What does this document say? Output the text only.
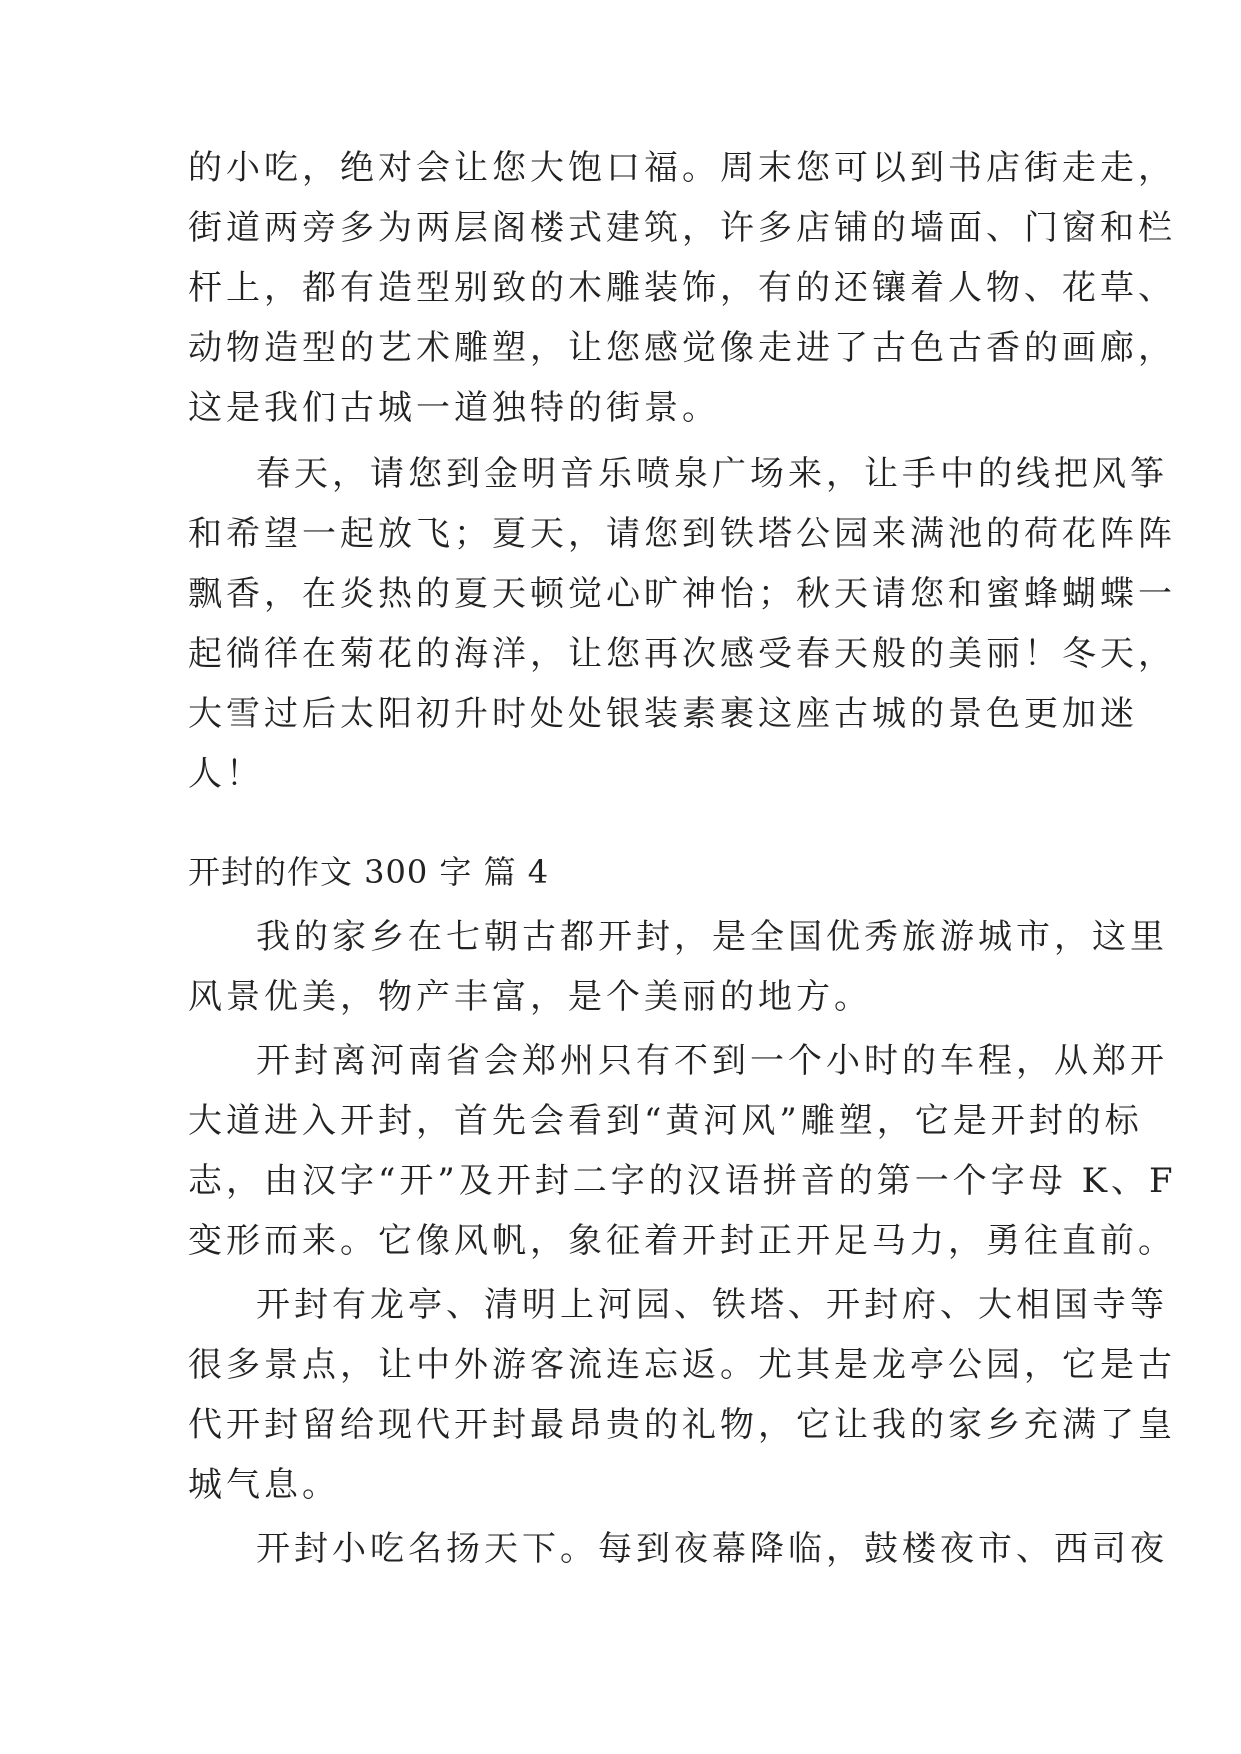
的小吃，绝对会让您大饱口福。周末您可以到书店街走走，
街道两旁多为两层阁楼式建筑，许多店铺的墙面、门窗和栏
杆上，都有造型别致的木雕装饰，有的还镶着人物、花草、
动物造型的艺术雕塑，让您感觉像走进了古色古香的画廊，
这是我们古城一道独特的街景。
春天，请您到金明音乐喷泉广场来，让手中的线把风筝
和希望一起放飞；夏天，请您到铁塔公园来满池的荷花阵阵
飘香，在炎热的夏天顿觉心旷神怡；秋天请您和蜜蜂蝴蝶一
起徜徉在菊花的海洋，让您再次感受春天般的美丽！冬天，
大雪过后太阳初升时处处银装素裹这座古城的景色更加迷
人！
开封的作文 300 字 篇 4
我的家乡在七朝古都开封，是全国优秀旅游城市，这里
风景优美，物产丰富，是个美丽的地方。
开封离河南省会郑州只有不到一个小时的车程，从郑开
大道进入开封，首先会看到“黄河风”雕塑，它是开封的标
志，由汉字“开”及开封二字的汉语拼音的第一个字母 K、F
变形而来。它像风帆，象征着开封正开足马力，勇往直前。
开封有龙亭、清明上河园、铁塔、开封府、大相国寺等
很多景点，让中外游客流连忘返。尤其是龙亭公园，它是古
代开封留给现代开封最昂贵的礼物，它让我的家乡充满了皇
城气息。
开封小吃名扬天下。每到夜幕降临，鼓楼夜市、西司夜
